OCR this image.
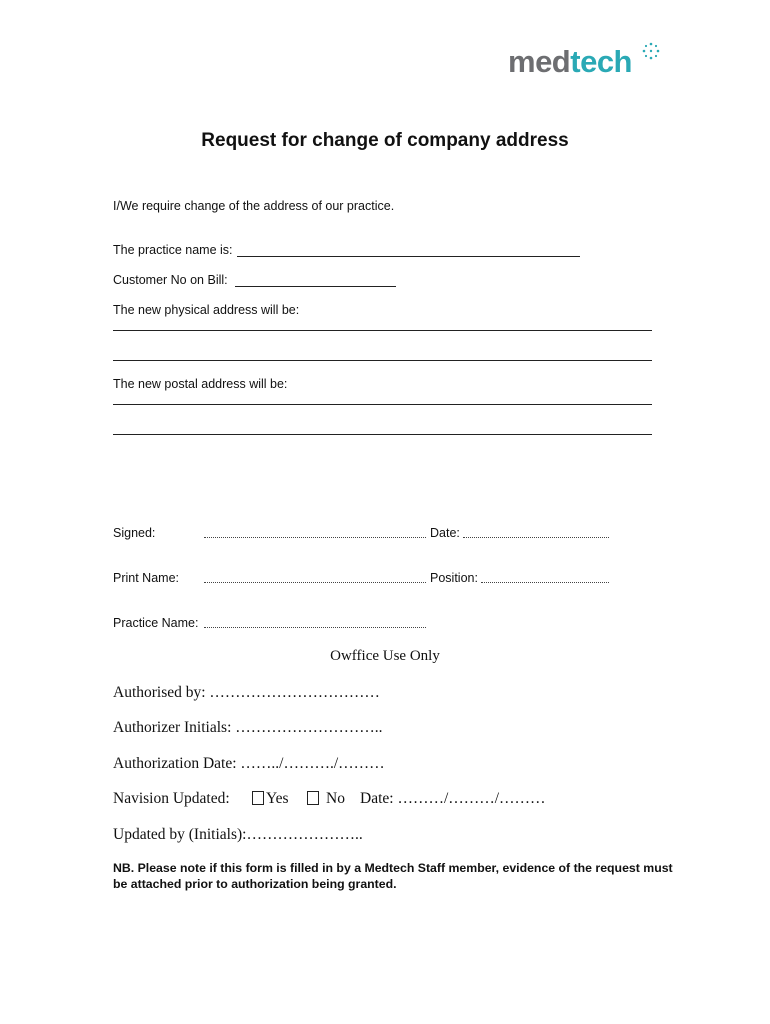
medtech
Request for change of company address
I/We require change of the address of our practice.
The practice name is:
Customer No on Bill:
The new physical address will be:
The new postal address will be:
Signed:	Date:
Print Name:	Position:
Practice Name:
Owffice Use Only
Authorised by: ……………………………
Authorizer Initials: ………………………..
Authorization Date: ……../………./………
Navision Updated: Yes No Date: ………/………/………
Updated by (Initials):…………………..
NB. Please note if this form is filled in by a Medtech Staff member, evidence of the request must be attached prior to authorization being granted.
